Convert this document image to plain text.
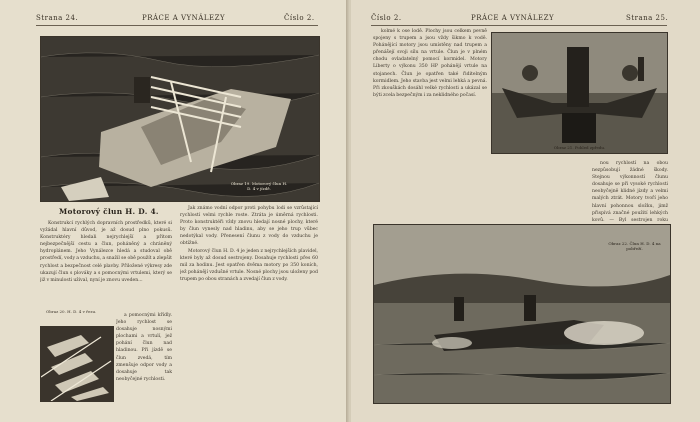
Strana 24.	PRÁCE A VYNÁLEZY	Číslo 2.
Obraz 19. Motorový člun H. D. 4 v jízdě.
Motorový člun H. D. 4.

Konstrukcí rychlých dopravních prostředků, které si vyžádal hlavní důvod, je až dosud plno pokusů. Konstruktéry hledali nejrychlejší a přitom nejbezpečnější cestu a člun, poháněný a chráněný hydroplánem. Jeho Vynálezce hledá a studoval obě prostředí, vody a vzduchu, a snažil se obě použít a zlepšit rychlost a bezpečnost celé plavby. Přiložené výkresy zde ukazují člun s plováky a s pomocnými vrtulemi, který se již v minulosti užíval, nyní je znovu uveden...

Obraz 20. H. D. 4 v řezu.

a pomocnými křídly. Jeho rychlost se dosahuje nosnými plochami a vrtulí, jež pohání člun nad hladinou. Při jízdě se člun zvedá, tím zmenšuje odpor vody a dosahuje tak neobyčejné rychlosti.

Jak známo vodní odpor proti pohybu lodi se vzrůstající rychlostí velmi rychle roste. Ztráta je úměrná rychlosti. Proto konstruktéři vždy znovu hledají nosné plochy, které by člun vynesly nad hladinu, aby se jeho trup vůbec nedotýkal vody. Přenesení člunu z vody do vzduchu je obtížné.

Motorový člun H. D. 4 je jeden z nejrychlejších plavidel, které byly až dosud sestrojeny. Dosahuje rychlosti přes 60 mil za hodinu. Jest opatřen dvěma motory po 350 koních, jež pohánějí vzdušné vrtule. Nosné plochy jsou uloženy pod trupem po obou stranách a zvedají člun z vody.

Číslo 2.	PRÁCE A VYNÁLEZY	Strana 25.

kolmé k ose lodě. Plochy jsou celkem pevně spojeny s trupem a jsou vždy šikmo k vodě. Pohánějící motory jsou umístěny nad trupem a přenášejí svoji sílu na vrtule. Člun je v plném chodu ovladatelný pomocí kormidel. Motory Liberty o výkonu 350 HP pohánějí vrtule na stojanech. Člun je opatřen také řiditelným kormidlem. Jeho stavba jest velmi lehká a pevná. Při zkouškách dosáhl velké rychlosti a ukázal se býti zcela bezpečným i za neklidného počasí.

Obraz 21. Pohled zpředu.

nou rychlostí na obou nezpůsobují žádné škody. Stejnou výkonností člunu dosahuje se při vysoké rychlosti neobyčejně klidné jízdy a velmi malých ztrát. Motory tvoří jeho hlavní pohonnou složku, jimž přispívá značné použití lehkých kovů. — Byl sestrojen roku

Obraz 22. Člun H. D. 4 na pobřeží.
